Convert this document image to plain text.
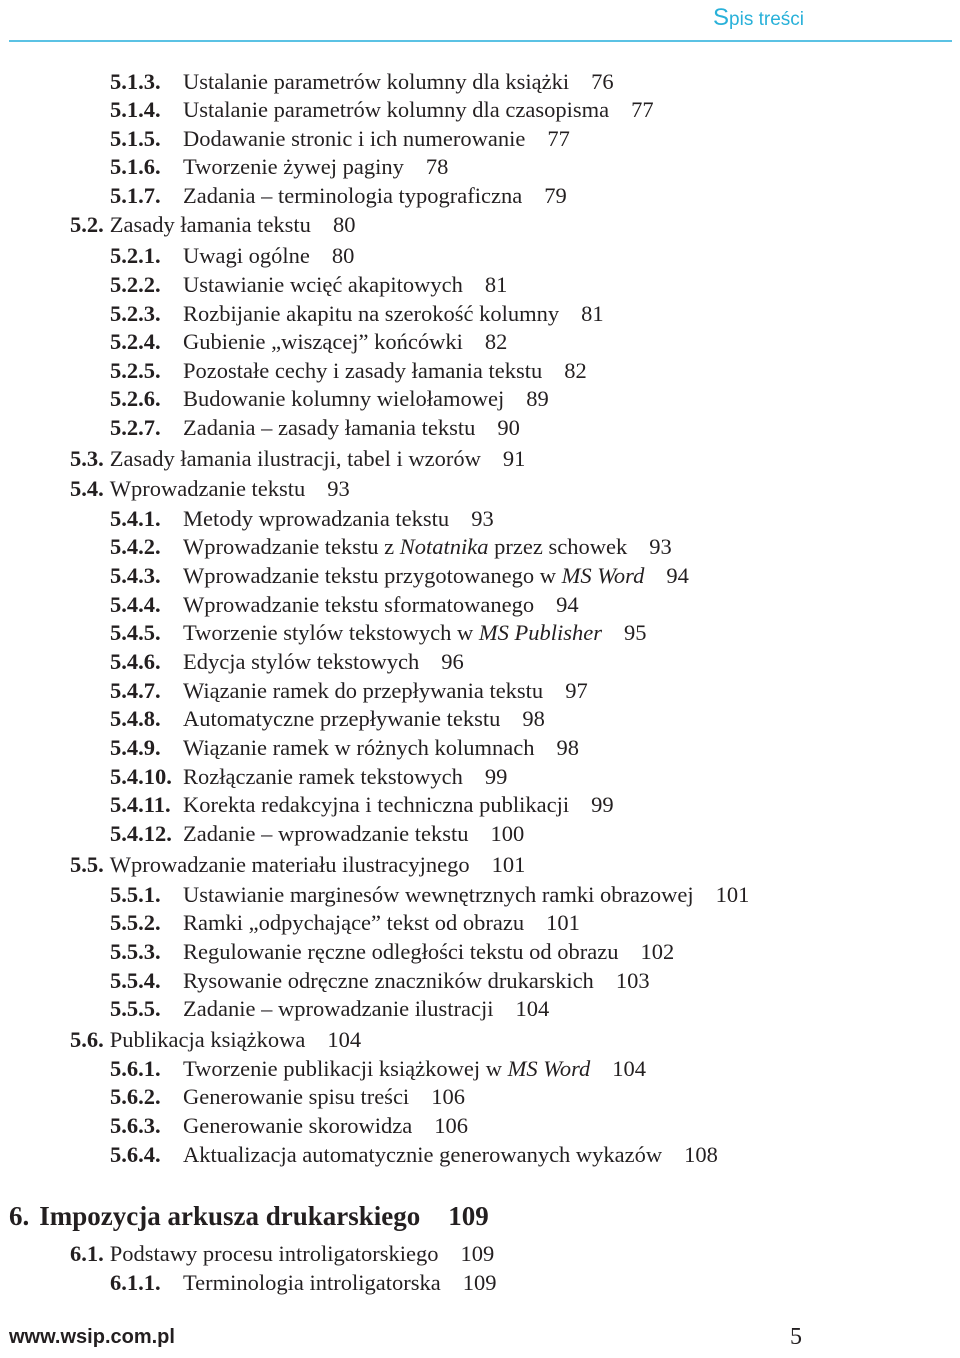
Spis treści
5.1.3. Ustalanie parametrów kolumny dla książki 76
5.1.4. Ustalanie parametrów kolumny dla czasopisma 77
5.1.5. Dodawanie stronic i ich numerowanie 77
5.1.6. Tworzenie żywej paginy 78
5.1.7. Zadania – terminologia typograficzna 79
5.2. Zasady łamania tekstu 80
5.2.1. Uwagi ogólne 80
5.2.2. Ustawianie wcięć akapitowych 81
5.2.3. Rozbijanie akapitu na szerokość kolumny 81
5.2.4. Gubienie „wiszącej” końcówki 82
5.2.5. Pozostałe cechy i zasady łamania tekstu 82
5.2.6. Budowanie kolumny wielołamowej 89
5.2.7. Zadania – zasady łamania tekstu 90
5.3. Zasady łamania ilustracji, tabel i wzorów 91
5.4. Wprowadzanie tekstu 93
5.4.1. Metody wprowadzania tekstu 93
5.4.2. Wprowadzanie tekstu z Notatnika przez schowek 93
5.4.3. Wprowadzanie tekstu przygotowanego w MS Word 94
5.4.4. Wprowadzanie tekstu sformatowanego 94
5.4.5. Tworzenie stylów tekstowych w MS Publisher 95
5.4.6. Edycja stylów tekstowych 96
5.4.7. Wiązanie ramek do przepływania tekstu 97
5.4.8. Automatyczne przepływanie tekstu 98
5.4.9. Wiązanie ramek w różnych kolumnach 98
5.4.10. Rozłączanie ramek tekstowych 99
5.4.11. Korekta redakcyjna i techniczna publikacji 99
5.4.12. Zadanie – wprowadzanie tekstu 100
5.5. Wprowadzanie materiału ilustracyjnego 101
5.5.1. Ustawianie marginesów wewnętrznych ramki obrazowej 101
5.5.2. Ramki „odpychające” tekst od obrazu 101
5.5.3. Regulowanie ręczne odległości tekstu od obrazu 102
5.5.4. Rysowanie odręczne znaczników drukarskich 103
5.5.5. Zadanie – wprowadzanie ilustracji 104
5.6. Publikacja książkowa 104
5.6.1. Tworzenie publikacji książkowej w MS Word 104
5.6.2. Generowanie spisu treści 106
5.6.3. Generowanie skorowidza 106
5.6.4. Aktualizacja automatycznie generowanych wykazów 108
6. Impozycja arkusza drukarskiego 109
6.1. Podstawy procesu introligatorskiego 109
6.1.1. Terminologia introligatorska 109
www.wsip.com.pl	5
